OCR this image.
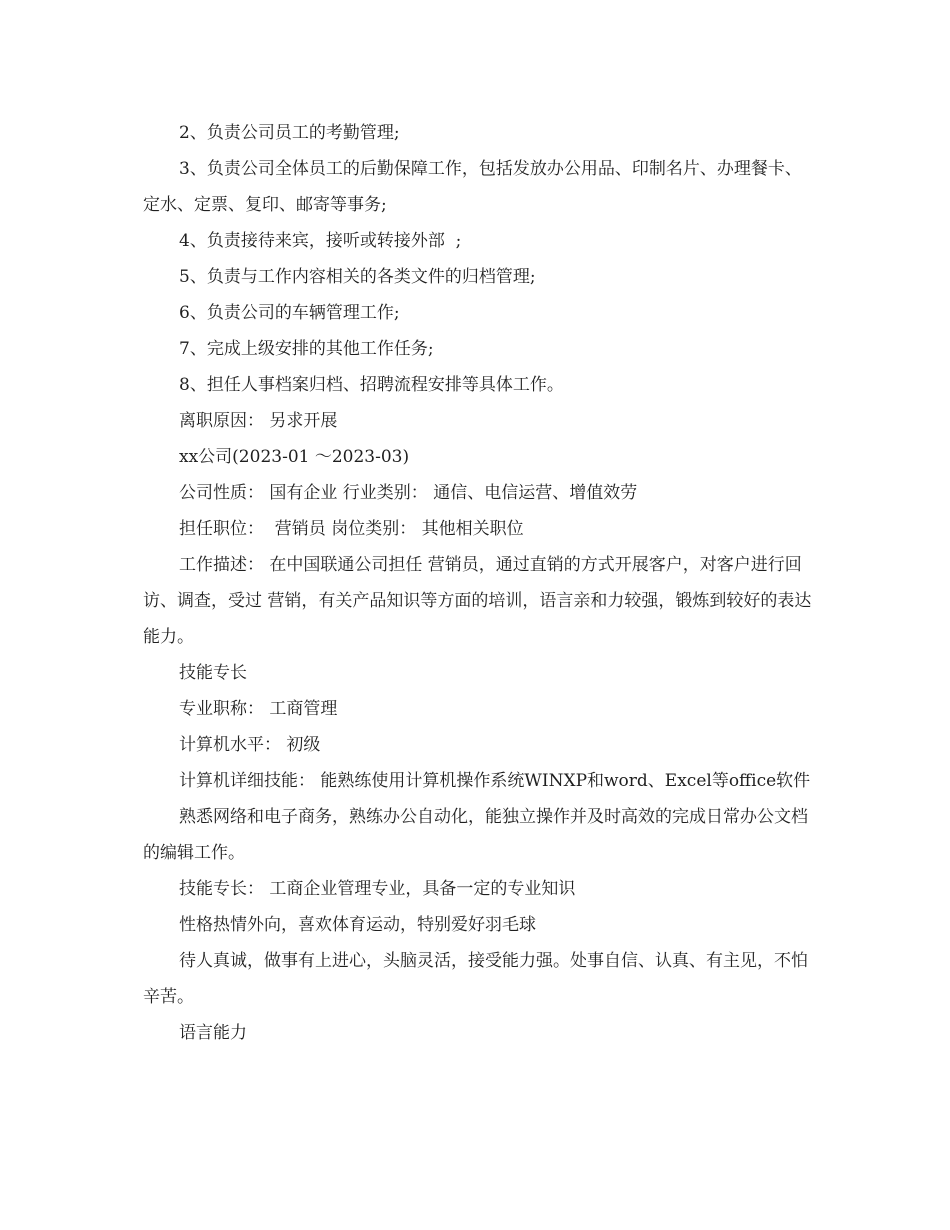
2、负责公司员工的考勤管理;

3、负责公司全体员工的后勤保障工作，包括发放办公用品、印制名片、办理餐卡、定水、定票、复印、邮寄等事务;

4、负责接待来宾，接听或转接外部  ;

5、负责与工作内容相关的各类文件的归档管理;

6、负责公司的车辆管理工作;

7、完成上级安排的其他工作任务;

8、担任人事档案归档、招聘流程安排等具体工作。

离职原因： 另求开展

xx公司(2023-01 ～2023-03)

公司性质： 国有企业 行业类别： 通信、电信运营、增值效劳

担任职位：  营销员 岗位类别： 其他相关职位

工作描述： 在中国联通公司担任 营销员，通过直销的方式开展客户，对客户进行回访、调查，受过 营销，有关产品知识等方面的培训，语言亲和力较强，锻炼到较好的表达能力。

技能专长

专业职称： 工商管理

计算机水平： 初级

计算机详细技能： 能熟练使用计算机操作系统WINXP和word、Excel等office软件

熟悉网络和电子商务，熟练办公自动化，能独立操作并及时高效的完成日常办公文档的编辑工作。

技能专长： 工商企业管理专业，具备一定的专业知识

性格热情外向，喜欢体育运动，特别爱好羽毛球

待人真诚，做事有上进心，头脑灵活，接受能力强。处事自信、认真、有主见，不怕辛苦。

语言能力
